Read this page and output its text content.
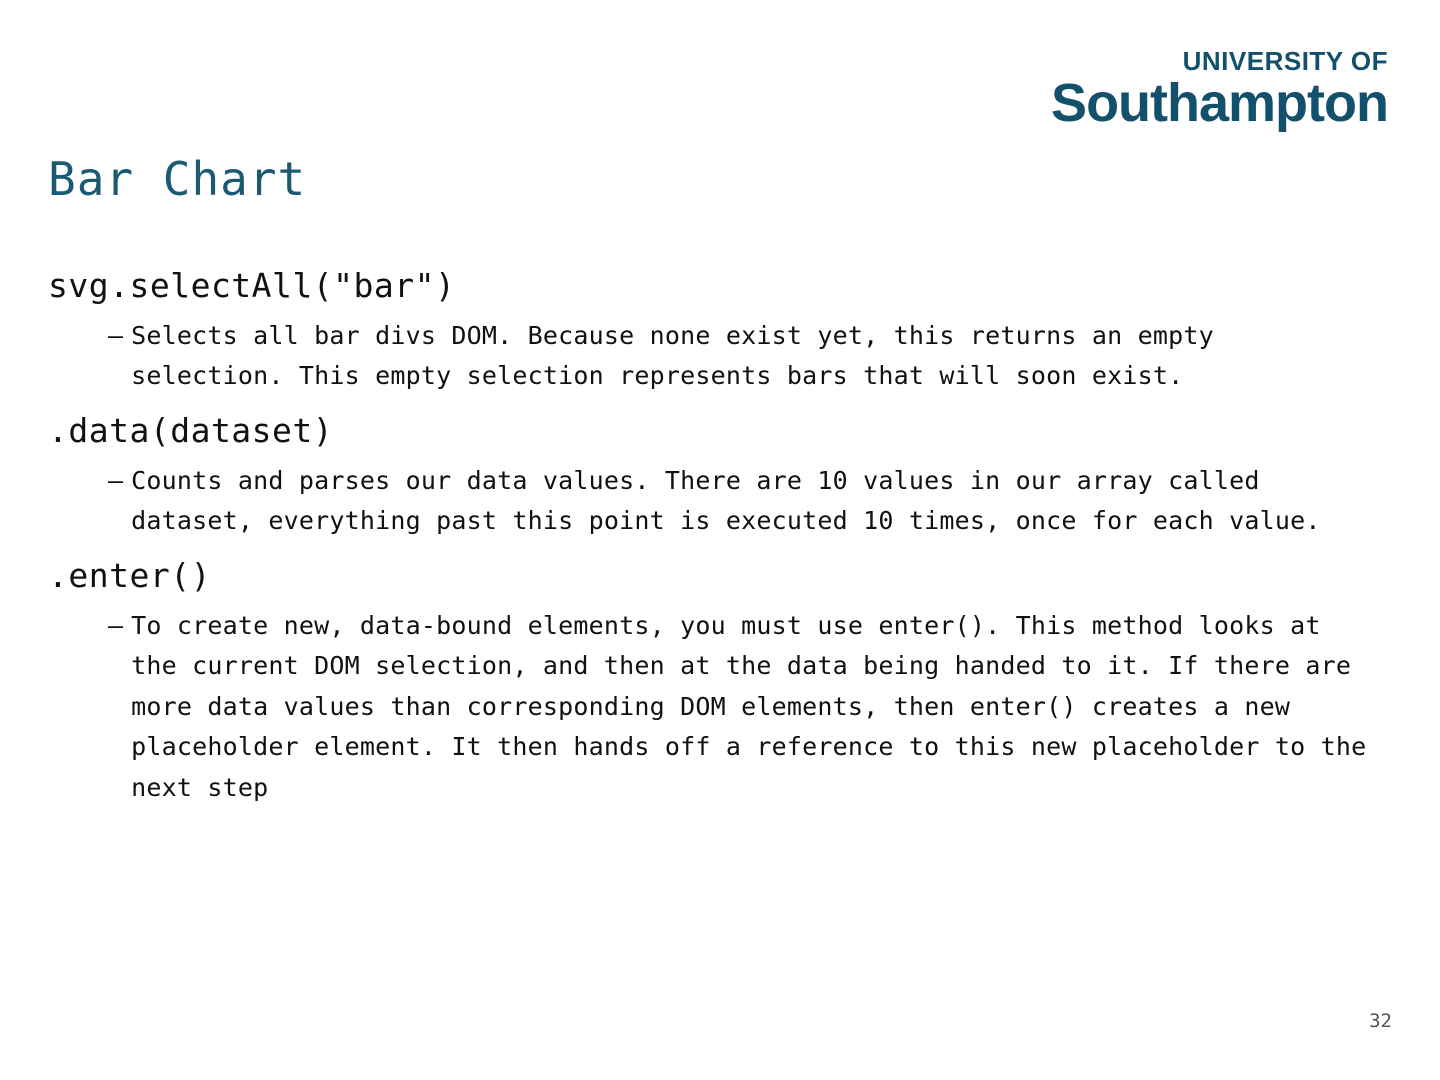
UNIVERSITY OF
Southampton
Bar Chart
svg.selectAll("bar")
– Selects all bar divs DOM. Because none exist yet, this returns an empty selection. This empty selection represents bars that will soon exist.
.data(dataset)
– Counts and parses our data values. There are 10 values in our array called dataset, everything past this point is executed 10 times, once for each value.
.enter()
– To create new, data-bound elements, you must use enter(). This method looks at the current DOM selection, and then at the data being handed to it. If there are more data values than corresponding DOM elements, then enter() creates a new placeholder element. It then hands off a reference to this new placeholder to the next step
32
